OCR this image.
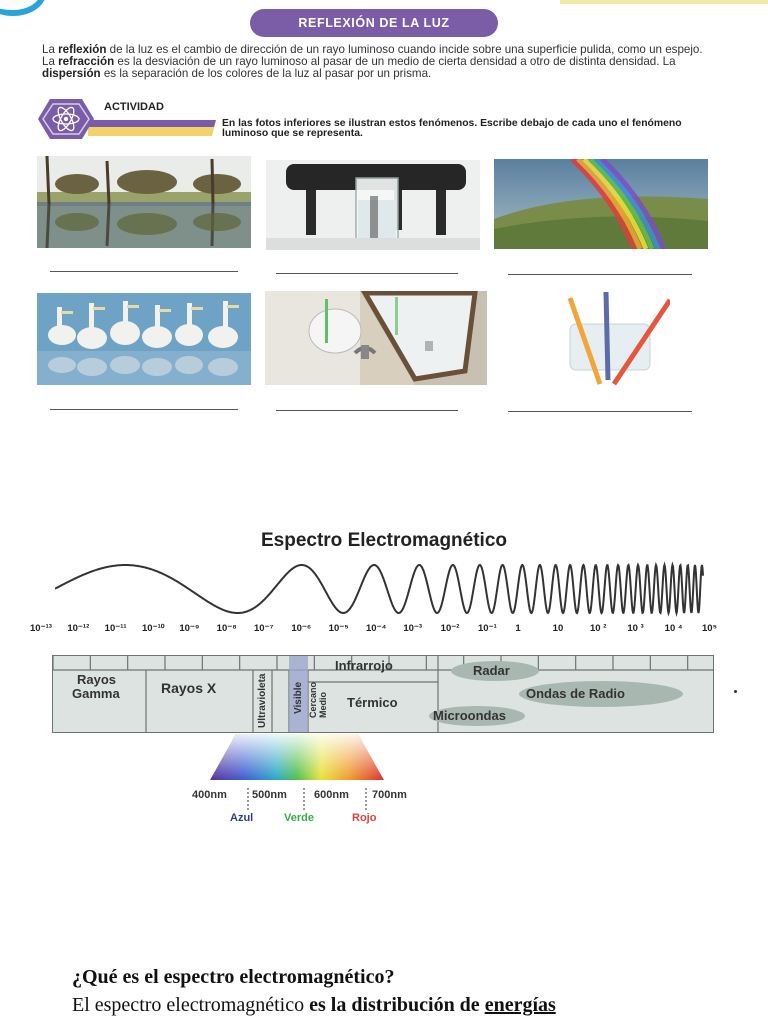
REFLEXIÓN DE LA LUZ
La reflexión de la luz es el cambio de dirección de un rayo luminoso cuando incide sobre una superficie pulida, como un espejo. La refracción es la desviación de un rayo luminoso al pasar de un medio de cierta densidad a otro de distinta densidad. La dispersión es la separación de los colores de la luz al pasar por un prisma.
ACTIVIDAD
En las fotos inferiores se ilustran estos fenómenos. Escribe debajo de cada uno el fenómeno luminoso que se representa.
Espectro Electromagnético
10⁻¹³ 10⁻¹² 10⁻¹¹ 10⁻¹⁰ 10⁻⁹ 10⁻⁸ 10⁻⁷ 10⁻⁶ 10⁻⁵ 10⁻⁴ 10⁻³ 10⁻² 10⁻¹ 1	10	10 ² 10 ³ 10 ⁴ 10⁵
Rayos
Gamma	Rayos X	Ultravioleta	Visible Cercano Medio
Infrarrojo
Térmico
Radar
Ondas de Radio
Microondas
400nm 500nm 600nm 700nm
Azul	Verde	Rojo
¿Qué es el espectro electromagnético?
El espectro electromagnético es la distribución de energías
